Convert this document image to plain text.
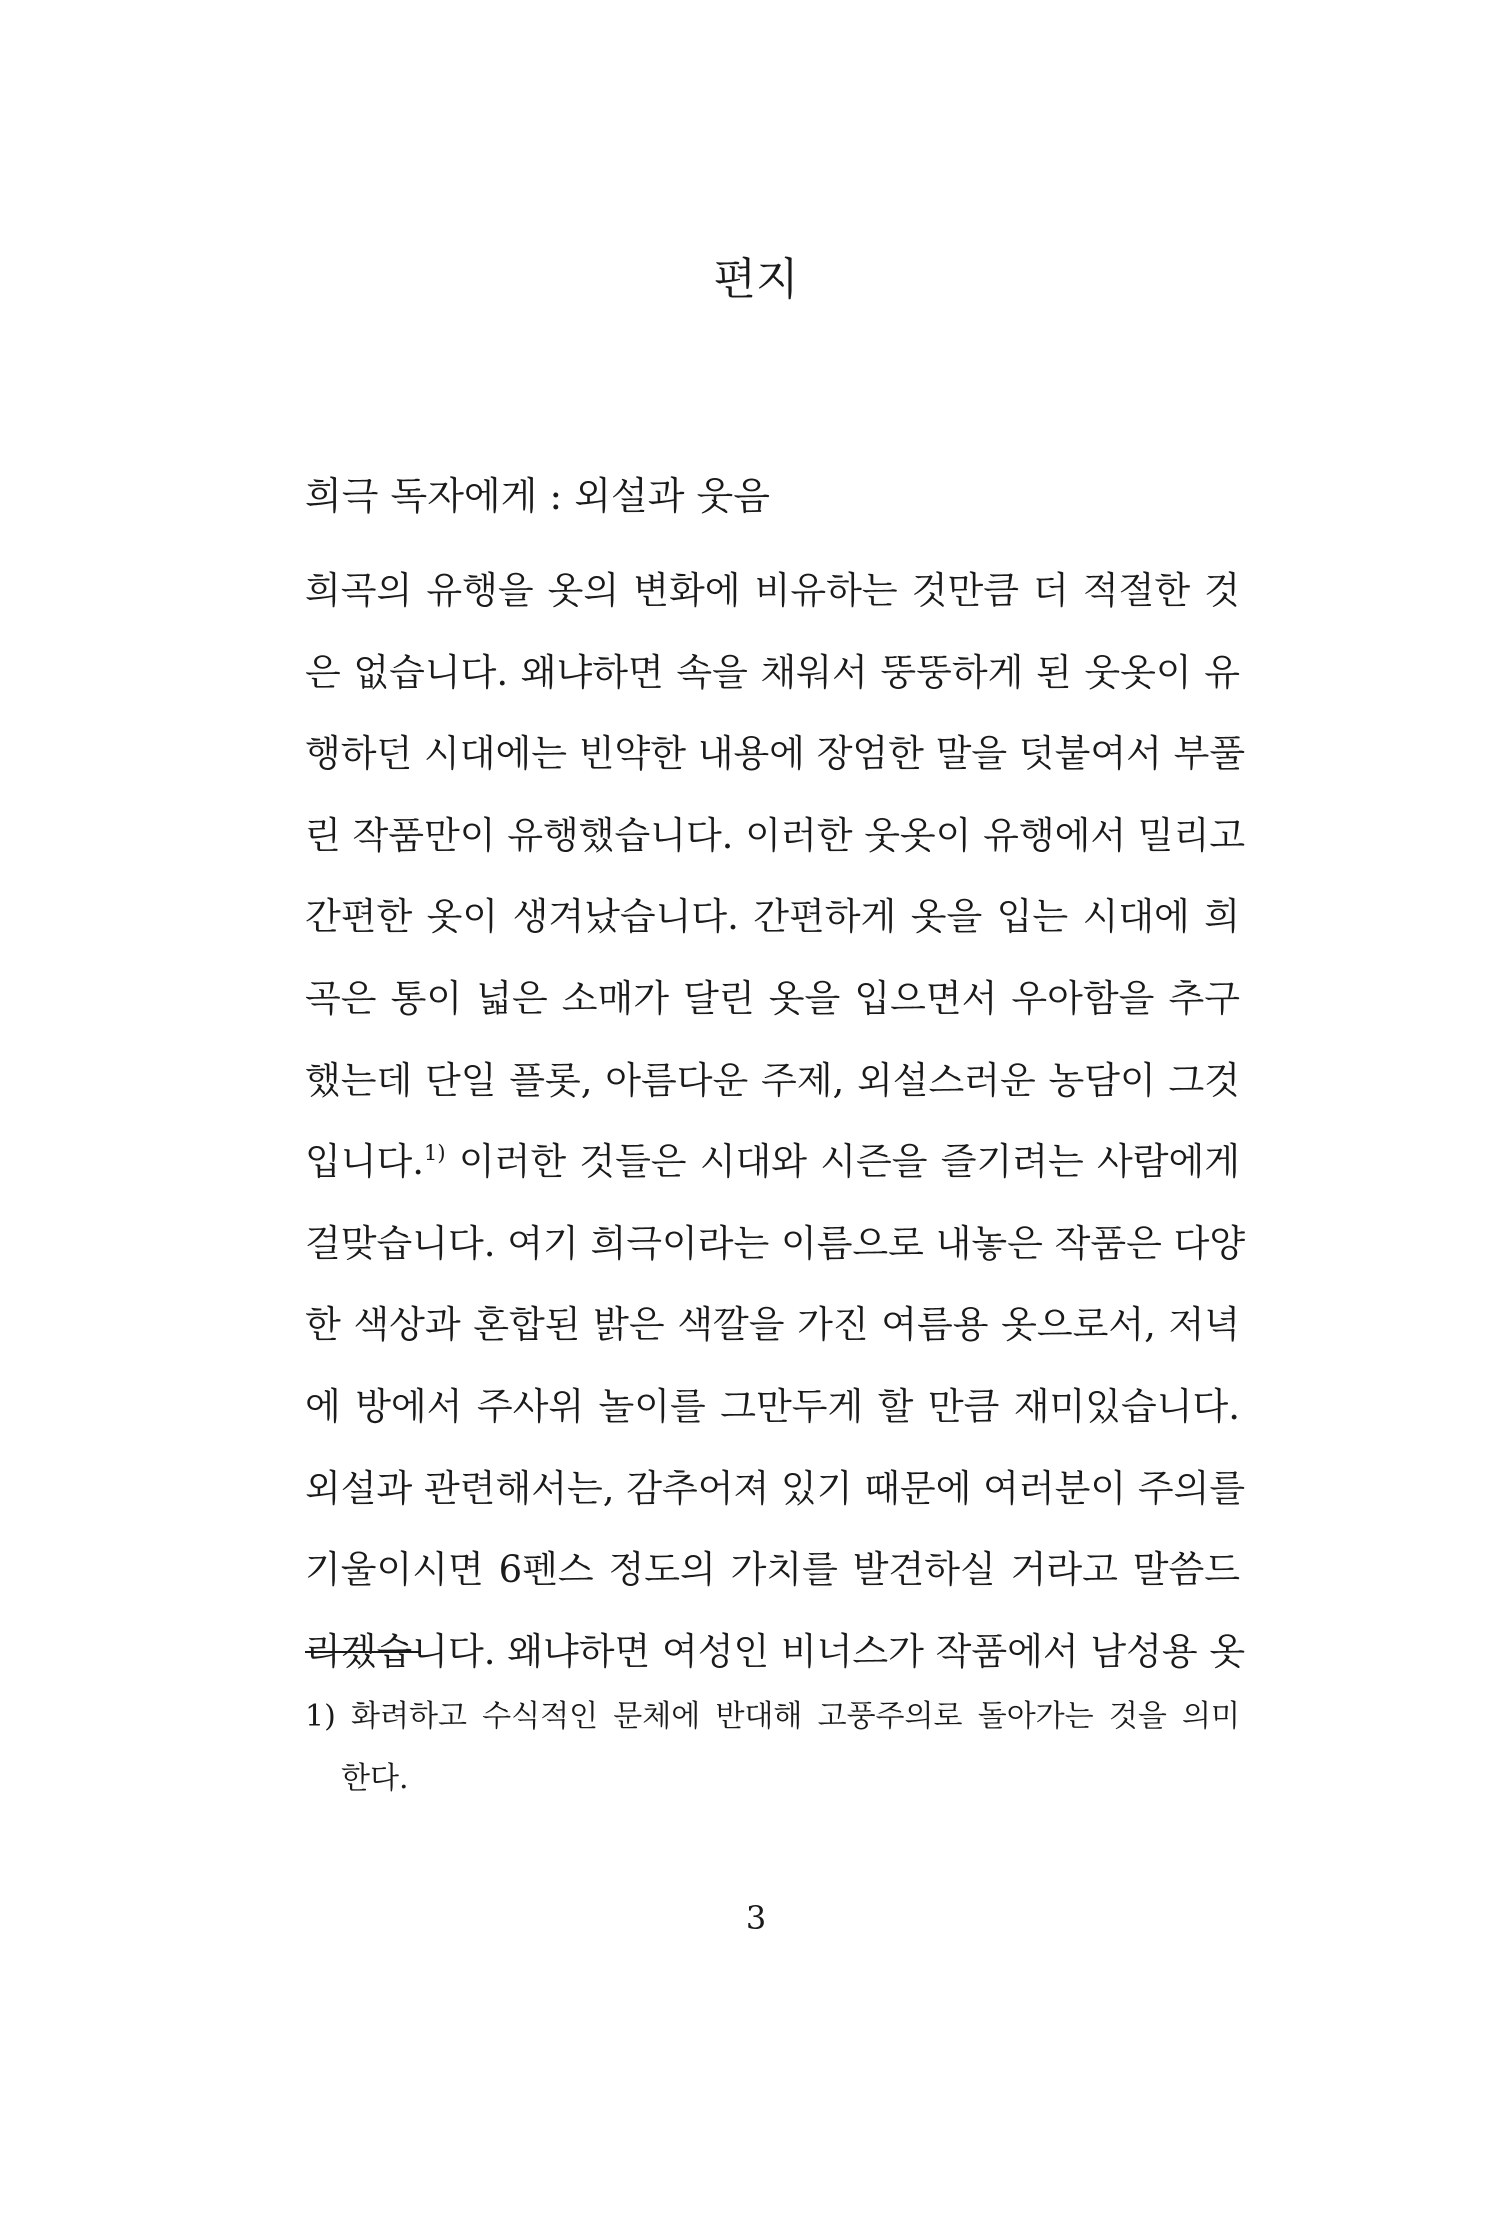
편지
희극 독자에게 : 외설과 웃음
희곡의 유행을 옷의 변화에 비유하는 것만큼 더 적절한 것
은 없습니다. 왜냐하면 속을 채워서 뚱뚱하게 된 웃옷이 유
행하던 시대에는 빈약한 내용에 장엄한 말을 덧붙여서 부풀
린 작품만이 유행했습니다. 이러한 웃옷이 유행에서 밀리고
간편한 옷이 생겨났습니다. 간편하게 옷을 입는 시대에 희
곡은 통이 넓은 소매가 달린 옷을 입으면서 우아함을 추구
했는데 단일 플롯, 아름다운 주제, 외설스러운 농담이 그것
입니다.$^{1)}$ 이러한 것들은 시대와 시즌을 즐기려는 사람에게
걸맞습니다. 여기 희극이라는 이름으로 내놓은 작품은 다양
한 색상과 혼합된 밝은 색깔을 가진 여름용 옷으로서, 저녁
에 방에서 주사위 놀이를 그만두게 할 만큼 재미있습니다.
외설과 관련해서는, 감추어져 있기 때문에 여러분이 주의를
기울이시면 6펜스 정도의 가치를 발견하실 거라고 말씀드
리겠습니다. 왜냐하면 여성인 비너스가 작품에서 남성용 옷
1) 화려하고 수식적인 문체에 반대해 고풍주의로 돌아가는 것을 의미
한다.
3
